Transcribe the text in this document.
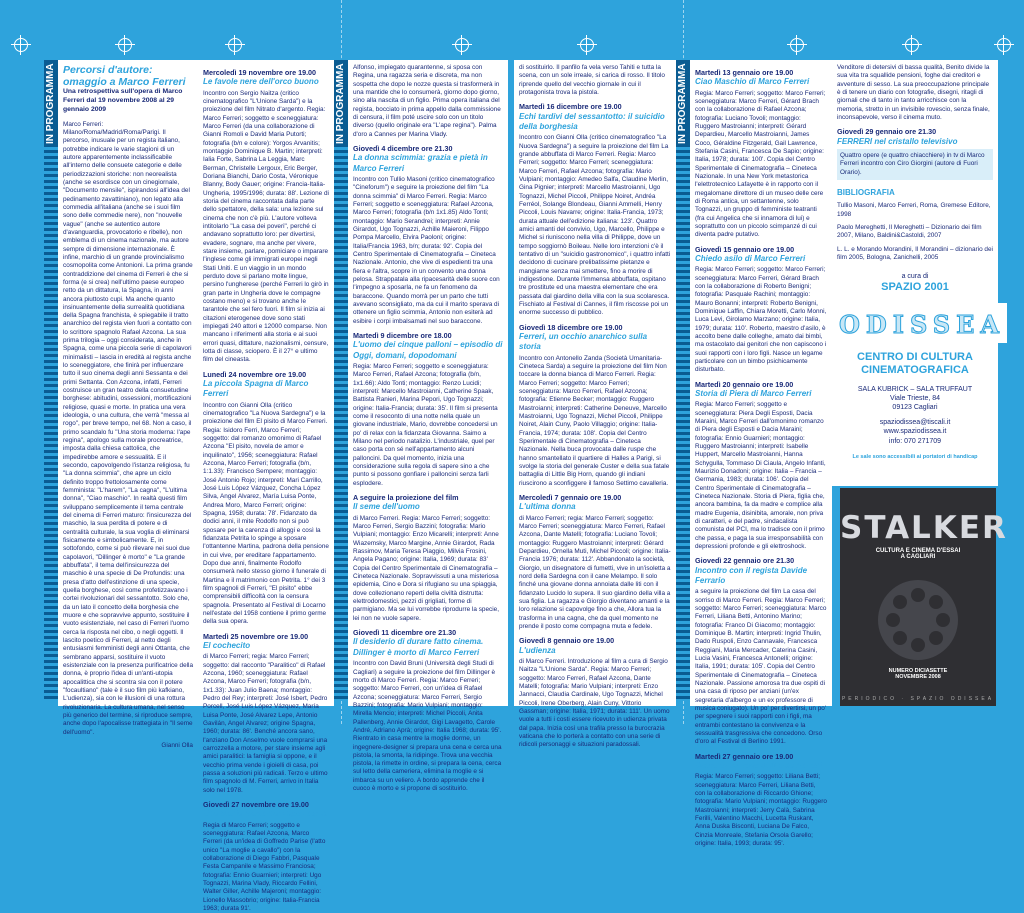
IN PROGRAMMA	IN PROGRAMMA	IN PROGRAMMA
Percorsi d'autore: omaggio a Marco Ferreri
Una retrospettiva sull'opera di Marco Ferreri dal 19 novembre 2008 al 29 gennaio 2009

Marco Ferreri: Milano/Roma/Madrid/Roma/Parigi. Il percorso, inusuale per un regista italiano, potrebbe indicare le varie stagioni di un autore apparentemente inclassificabile all'interno delle consuete categorie e delle periodizzazioni storiche: non neorealista (anche se esordisce con un cinegiornale, "Documento mensile", ispirandosi all'idea del pedinamento zavattiniano), non legato alla commedia all'italiana (anche se i suoi film sono delle commedie nere), non "nouvelle vague" (anche se autentico autore d'avanguardia, provocatorio e ribelle), non emblema di un cinema nazionale, ma autore sempre di dimensione internazionale. È infine, marchio di un grande provincialismo cosmopolita come Antonioni. La prima grande contraddizione del cinema di Ferreri è che si forma (e si crea) nell'ultimo paese europeo retto da un dittatura, la Spagna, in anni ancora piuttosto cupi. Ma anche quanto insinuantemente della surrealità quotidiana della Spagna franchista, è spiegabile il tratto anarchico del regista vien fuori a contatto con lo scrittore spagnolo Rafael Azcona. La sua prima trilogia – oggi considerata, anche in Spagna, come una piccola serie di capolavori minimalisti – lascia in eredità al regista anche lo sceneggiatore, che finirà per influenzare tutto il suo cinema degli anni Sessanta e dei primi Settanta. Con Azcona, infatti, Ferreri costruisce un gran teatro della consuetudine borghese: abitudini, ossessioni, mortificazioni religiose, quasi e morte. In pratica una vera ideologia, o una cultura, che verrà "messa al rogo", per breve tempo, nel 68. Non a caso, il primo scandalo fu "Una storia moderna: l'ape regina", apologo sulla morale procreatrice, imposta dalla chiesa cattolica, che impedirebbe amore e sessualità. E il secondo, capovolgendo l'istanza religiosa, fu "La donna scimmia", che apre un ciclo definito troppo frettolosamente come femminista: "L'harem", "La cagna", "L'ultima donna", "Ciao maschio". In realtà questi film sviluppano semplicemente il tema centrale del cinema di Ferreri maturo: l'insicurezza del maschio, la sua perdita di potere e di centralità culturale, la sua voglia di eliminarsi fisicamente e simbolicamente. E, in sottofondo, come si può rilevare nei suoi due capolavori, "Dillinger è morto" e "La grande abbuffata", il tema dell'insicurezza del maschio è una specie di De Profundis: una presa d'atto dell'estinzione di una specie, quella borghese, così come profetizzavano i cortei rivoluzionari del sessantotto. Solo che, da un lato il concetto della borghesia che muore e che sopravvive appunto, sostituire il vuoto esistenziale, nel caso di Ferreri l'uomo cerca la risposta nel cibo, o negli oggetti. Il lascito poetico di Ferreri, al netto degli entusiasmi femministi degli anni Ottanta, che sembrano apparsi, sostituire il vuoto esistenziale con la presenza purificatrice della donna, è proprio l'idea di un'anti-utopia apocalittica che si scontra sia con il potere "focaultiano" (tale è il suo film più kafkiano, L'udienza), sia con le illusioni di una rottura rivoluzionaria. La cultura umana, nel senso più generico del termine, si riproduce sempre, anche dopo l'apocalisse trattegiata in "Il seme dell'uomo".

Gianni Olla
Mercoledì 19 novembre ore 19.00
Le favole nere dell'orco buono

Incontro con Sergio Naitza (critico cinematografico "L'Unione Sarda") e la proiezione del film Nitrato d'argento. Regia: Marco Ferreri; soggetto e sceneggiatura: Marco Ferreri (da una collaborazione di Gianni Romoli e David Maria Putorti; fotografia (b/n e colore): Yorgos Arvanitis; montaggio Dominique B. Martin; interpreti: Ialia Forte, Sabrina La Leggia, Marc Berman, Christelle Lergoux, Eric Berger, Doriana Bianchi, Dario Costa, Véronique Blanny, Body Gauer; origine: Francia-Italia-Ungheria, 1995/1996; durata: 88'. Lezione di storia del cinema raccontata dalla parte dello spettatore, della sala: una lezione sul cinema che non c'è più. L'autore volteva intitolarlo "La casa dei poveri", perché ci andavano soprattutto loro: per divertirsi, evadere, sognare, ma anche per vivere, stare insieme, parlare, pomiciare o imparare l'inglese come gli immigrati europei negli Stati Uniti. E un viaggio in un mondo perduto dove si parlano molte lingue, persino l'ungherese (perché Ferreri lo girò in gran parte in Ungheria dove le compagne costano meno) e si trovano anche le tarantole che sel fero fuori. Il film si inizia ai citazioni eterogenee dove sono stati impiegati 240 attori e 12000 comparse. Non mancano i riferimenti alla storia e ai suoi errori quasi, dittature, nazionalismi, censure, lotta di classe, sciopero. È il 27° e ultimo film del cineasta.

Lunedì 24 novembre ore 19.00
La piccola Spagna di Marco Ferreri

Incontro con Gianni Olla (critico cinematografico "La Nuova Sardegna") e la proiezione del film El pisito di Marco Ferreri. Regia: Isidoro Ferri, Marco Ferreri; soggetto: dal romanzo omonimo di Rafael Azcona "El pisito, novela de amor e inquilinato", 1956; sceneggiatura: Rafael Azcona, Marco Ferreri; fotografia (b/n, 1:1.33): Francisco Sempere; montaggio: José Antonio Rojo; interpreti: Mari Carrillo, José Luis López Vázquez, Concha López Silva, Angel Alvarez, María Luisa Ponte, Andrea Moro, Marco Ferreri; origine: Spagna, 1958; durata: 78'. Fidanzato da dodici anni, il mite Rodolfo non si può sposare per la carenza di alloggi e così la fidanzata Petrita lo spinge a sposare l'ottantenne Martina, padrona della pensione in cui vive, per ereditare l'appartamento. Dopo due anni, finalmente Rodolfo consumerà nello stesso giorno il funerale di Martina e il matrimonio con Petrita. 1° dei 3 film spagnoli di Ferreri, "El pisito" ebbe comprensibili difficoltà con la censura spagnola. Presentato al Festival di Locarno nell'estate del 1958 contiene il primo germe della sua opera.

Martedì 25 novembre ore 19.00
El cochecito

di Marco Ferreri; regia: Marco Ferreri; soggetto: dal racconto "Paralitico" di Rafael Azcona, 1960; sceneggiatura: Rafael Azcona, Marco Ferreri; fotografia (b/n, 1x1.33): Juan Julio Baena; montaggio: Pedro del Rey; interpreti: José Isbert, Pedro Porcell, José Luis López Vázquez, María Luisa Ponte, José Alvarez Lepe, Antonio Gavilán, Angel Alvarez; origine Spagna, 1960; durata: 86'. Benché ancora sano, l'anziano Don Anselmo vuole comprarsi una carrozzella a motore, per stare insieme agli amici paralitici: la famiglia si oppone, e il vecchio prima vende i gioielli di casa, poi passa a soluzioni più radicali. Terzo e ultimo film spagnolo di M. Ferreri, arrivo in Italia solo nel 1978.

Giovedì 27 novembre ore 19.00
Una storia moderna: l'ape regina

Regia di Marco Ferreri; soggetto e sceneggiatura: Rafael Azcona, Marco Ferreri (da un'idea di Goffredo Parise (l'atto unico "La moglie a cavallo") con la collaborazione di Diego Fabbri, Pasquale Festa Campanile e Massimo Franciosa; fotografia: Ennio Guarnieri; interpreti: Ugo Tognazzi, Marina Vlady, Riccardo Fellini, Walter Giller, Achille Majeroni; montaggio: Lionello Massobrio; origine: Italia-Francia 1963; durata 91'.

Alfonso, impiegato quarantenne, si sposa con Regina, una ragazza seria e discreta, ma non sospetta che dopo le nozze questa si trasformerà in una mantide che lo consumerà, giorno dopo giorno, sino alla nascita di un figlio. Prima opera italiana del regista, bocciato in prima appello dalla commissione di censura, il film poté uscire solo con un titolo diverso (quello originale era "L'ape regina"). Palma d'oro a Cannes per Marina Vlady.

Giovedì 4 dicembre ore 21.30
La donna scimmia: grazia e pietà in Marco Ferreri

Incontro con Tullio Masoni (critico cinematografico "Cineforum") e seguire la proiezione del film "La donna scimmia" di Marco Ferreri. Regia: Marco Ferreri; soggetto e sceneggiatura: Rafael Azcona, Marco Ferreri; fotografia (b/n 1x1.85) Aldo Tonti; montaggio: Mario Serandrei; interpreti: Annie Girardot, Ugo Tognazzi, Achille Maieroni, Filippo Pompa Marcello, Elvira Paoloni; origine: Italia/Francia 1963, b/n; durata: 92'. Copia del Centro Sperimentale di Cinematografia – Cineteca Nazionale. Antonio, che vive di espedienti tra una fiera e l'altra, scopre in un convento una donna pelosa. Strappatala alla ripacesarità delle suore con l'impegno a sposarla, ne fa un fenomeno da baraccone. Quando morrà per un parto che tutti avevano sconsigliato, ma da cui il marito sperava di ottenere un figlio scimmia, Antonio non esiterà ad esibire i corpi imbalsamati nel suo baraccone.

Martedì 9 dicembre ore 18.00
L'uomo dei cinque palloni – episodio di Oggi, domani, dopodomani

Regia: Marco Ferreri; soggetto e sceneggiatura: Marco Ferreri, Rafael Azcona; fotografia (b/n, 1x1.66): Aldo Tonti; montaggio: Renzo Lucidi; interpreti: Marcello Mastroianni, Catherine Spaak, Battista Ranieri, Marina Pepori, Ugo Tognazzi; origine: Italia-Francia; durata: 35'. Il film si presenta come il resoconto di una notte nella quale un giovane industriale, Mario, dovrebbe concedersi un po' di relax con la fidanzata Giovanna. Saimo a Milano nel periodo natalizio. L'industriale, quel per caso porta con sé nell'appartamento alcuni palloncini. Da quel momento, inizia una considerazione sulla regola di sapere sino a che punto si possono gonfiare i palloncini senza farli esplodere.

A seguire la proiezione del film
Il seme dell'uomo

di Marco Ferreri. Regia: Marco Ferreri; soggetto: Marco Ferreri, Sergio Bazzini; fotografia: Mario Vulpiani; montaggio: Enzo Micarelli; interpreti: Anne Wiazemsky, Marco Margine, Annie Girardot, Rada Rassimov, Maria Teresa Piaggio, Milvia Frosini, Angela Pagano; origine: Italia, 1969; durata: 83' Copia del Centro Sperimentale di Cinematografia – Cineteca Nazionale. Sopravvissuti a una misteriosa epidemia, Cino e Dora si rifugiano su una spiaggia, dove collezionano reperti della civiltà distrutta: elettrodomestici, pezzi di grigliati, forme di parmigiano. Ma se lui vorrebbe riprodurre la specie, lei non ne vuole sapere.

Giovedì 11 dicembre ore 21.30
Il desiderio di durare fatto cinema. Dillinger è morto di Marco Ferreri

Incontro con David Bruni (Università degli Studi di Cagliari) a seguire la proiezione del film Dillinger è morto di Marco Ferreri. Regia: Marco Ferreri; soggetto: Marco Ferreri, con un'idea di Rafael Azcona; sceneggiatura: Marco Ferreri, Sergio Bazzini; fotografia: Mario Vulpiani; montaggio: Mirella Mencio; interpreti: Michel Piccoli, Anita Pallenberg, Annie Girardot, Gigi Lavagetto, Carole André, Adriano Aprà; origine: Italia 1968; durata: 95'. Rientrato in casa mentre la moglie dorme, un ingegnere-designer si prepara una cena e cerca una pistola, la smonta, la ridipinge. Trova una vecchia pistola, la rimette in ordine, si prepara la cena, cerca sul letto della cameriera, elimina la moglie e si imbarca su un veliero. A bordo apprende che il cuoco è morto e si propone di sostituirlo.

di sostituirlo. Il panfilo fa vela verso Tahiti e tutta la scena, con un sole irreale, si carica di rosso. Il titolo riprende quello del vecchio giornale in cui il protagonista trova la pistola.

Martedì 16 dicembre ore 19.00
Echi tardivi del sessantotto: il suicidio della borghesia

Incontro con Gianni Olla (critico cinematografico "La Nuova Sardegna") a seguire la proiezione del film La grande abbuffata di Marco Ferreri. Regia: Marco Ferreri; soggetto: Marco Ferreri; sceneggiatura: Marco Ferreri, Rafael Azcona; fotografia: Mario Vulpiani; montaggio: Amedeo Salfa, Claudine Merlin, Gina Pignier; interpreti: Marcello Mastroianni, Ugo Tognazzi, Michel Piccoli, Philippe Noiret, Andréa Ferréol, Solange Blondeau, Gianni Ammelli, Henry Piccoli, Louis Navarre; origine: Italia-Francia, 1973; durata attuale dell'edizione italiana: 123'. Quattro amici amanti del convivio, Ugo, Marcello, Philippe e Michel si riuniscono nella villa di Philippe, dove un tempo soggiornò Boileau. Nelle loro intenzioni c'è il tentativo di un "suicidio gastronomico", i quattro infatti decidono di cucinare prelibatissime pietanze e mangiarne senza mai smettere, fino a morire di indigestione. Durante l'immensa abbuffata, ospitano tre prostitute ed una maestra elementare che era passata dal giardino della villa con la sua scolaresca. Fischiato al Festival di Cannes, il film riscosse poi un enorme successo di pubblico.

Giovedì 18 dicembre ore 19.00
Ferreri, un occhio anarchico sulla storia

Incontro con Antonello Zanda (Società Umanitaria-Cineteca Sarda) a seguire la proiezione del film Non toccare la donna bianca di Marco Ferreri. Regia: Marco Ferreri; soggetto: Marco Ferreri; sceneggiatura: Marco Ferreri, Rafael Azcona; fotografia: Etienne Becker; montaggio: Ruggero Mastroianni; interpreti: Catherine Deneuve, Marcello Mastroianni, Ugo Tognazzi, Michel Piccoli, Philippe Noiret, Alain Cuny, Paolo Villaggio; origine: Italia-Francia, 1974; durata: 108'. Copia del Centro Sperimentale di Cinematografia – Cineteca Nazionale. Nella buca provocata dalle ruspe che hanno smantellato il quartiere di Halles a Parigi, si svolge la storia del generale Custer e della sua fatale battaglia di Little Big Horn, quando gli indiani riuscirono a sconfiggere il famoso Settimo cavalleria.

Mercoledì 7 gennaio ore 19.00
L'ultima donna

di Marco Ferreri; regia: Marco Ferreri; soggetto: Marco Ferreri; sceneggiatura: Marco Ferreri, Rafael Azcona, Dante Matelli; fotografia: Luciano Tovoli; montaggio: Ruggero Mastroianni; interpreti: Gérard Depardieu, Ornella Muti, Michel Piccoli; origine: Italia-Francia 1976; durata: 112'. Abbandonato la società, Giorgio, un disegnatore di fumetti, vive in un'isoletta a nord della Sardegna con il cane Melampo. Il solo finché una giovane donna annoiata dalle liti con il fidanzato Lucido lo supera. Il suo giardino della villa a sua figlia. La ragazza e Giorgio diventano amanti e la loro relazione si capovolge fino a che, Allora tua la trasforma in una cagna, che da quel momento ne prende il posto come compagna muta e fedele.

Giovedì 8 gennaio ore 19.00
L'udienza

di Marco Ferreri. Introduzione al film a cura di Sergio Naitza "L'Unione Sarda". Regia: Marco Ferreri; soggetto: Marco Ferreri, Rafael Azcona, Dante Matelli; fotografia: Mario Vulpiani; interpreti: Enzo Jannacci, Claudia Cardinale, Ugo Tognazzi, Michel Piccoli, Irene Oberberg, Alain Cuny, Vittorio Gassman; origine: Italia, 1971; durata: 111'. Un uomo vuole a tutti i costi essere ricevuto in udienza privata dal papa. Inizia così una trafila presso la burocrazia vaticana che lo porterà a contatto con una serie di ridicoli personaggi e situazioni paradossali.

Martedì 13 gennaio ore 19.00
Ciao Maschio di Marco Ferreri

Regia: Marco Ferreri; soggetto: Marco Ferreri; sceneggiatura: Marco Ferreri, Gérard Brach con la collaborazione di Rafael Azcona; fotografia: Luciano Tovoli; montaggio: Ruggero Mastroianni; interpreti: Gérard Depardieu, Marcello Mastroianni, James Coco, Géraldine Fitzgerald, Gail Lawrence, Stefania Casini, Francesca De Sapio; origine: Italia, 1978; durata: 100'. Copia del Centro Sperimentale di Cinematografia – Cineteca Nazionale. In una New York metastorica l'elettrotecnico Lafayette è in rapporto con il megalomane direttore di un museo delle cere di Roma antica, un settantenne, solo Tognazzi, un gruppo di femministe teatranti (fra cui Angelica che si innamora di lui) e soprattutto con un piccolo scimpanzé di cui diventa padre putativo.

Giovedì 15 gennaio ore 19.00
Chiedo asilo di Marco Ferreri

Regia: Marco Ferreri; soggetto: Marco Ferreri; sceneggiatura: Marco Ferreri, Gérard Brach con la collaborazione di Roberto Benigni; fotografia: Pasquale Rachini; montaggio: Mauro Bonanni; interpreti: Roberto Benigni, Dominique Laffin, Chiara Moretti, Carlo Monni, Luca Levi, Girolamo Marzano; origine: Italia, 1979; durata: 110'. Roberto, maestro d'asilo, è accolto bene dalle colleghe, amato dai bimbi, ma ostacolato dai genitori che non capiscono i suoi rapporti con i loro figli. Nasce un legame particolare con un bimbo psichicamente disturbato.

Martedì 20 gennaio ore 19.00
Storia di Piera di Marco Ferreri

Regia: Marco Ferreri; soggetto e sceneggiatura: Piera Degli Esposti, Dacia Maraini, Marco Ferreri dall'omonimo romanzo di Piera degli Esposti e Dacia Maraini; fotografia: Ennio Guarnieri; montaggio: Ruggero Mastroianni; interpreti: Isabelle Huppert, Marcello Mastroianni, Hanna Schygulla, Tommaso Di Ciaula, Angelo Infanti, Maurizio Donadoni; origine: Italia – Francia – Germania, 1983; durata: 106'. Copia del Centro Sperimentale di Cinematografia – Cineteca Nazionale. Storia di Piera, figlia che, ancora bambina, fa da madre e complice alla madre Eugenia, disinibita, amorale, non priva di caratteri, e del padre, sindacalista comunista del PCI, ma lo tradisce con il primo che passa, e paga la sua irresponsabilità con depressioni profonde e gli elettroshock.

Giovedì 22 gennaio ore 21.30
Incontro con il regista Davide Ferrario

a seguire la proiezione del film La casa del sorriso di Marco Ferreri. Regia: Marco Ferreri; soggetto: Marco Ferreri; sceneggiatura: Marco Ferreri, Liliana Betti, Antonino Marino; fotografia: Franco Di Giacomo; montaggio: Dominique B. Martin; interpreti: Ingrid Thulin, Dado Ruspoli, Enzo Cannavale, Francesca Reggiani, Maria Mercader, Caterina Casini, Lucia Vasini, Francesca Antonelli; origine: Italia, 1991; durata: 105'. Copia del Centro Sperimentale di Cinematografia – Cineteca Nazionale. Passione amorosa tra due ospiti di una casa di riposo per anziani (un'ex segretaria d'albergo e un ex professore di musica coniugato). Un po' per divertirsi, un po' per spegnere i suoi rapporti con i figli, ma entrambi contestano la convivenza e la sessualità trasgressiva che concedono. Orso d'oro al Festival di Berlino 1991.

Martedì 27 gennaio ore 19.00
Diario di un vizio di Marco Ferreri

Regia: Marco Ferreri; soggetto: Liliana Betti; sceneggiatura: Marco Ferreri, Liliana Betti, con la collaborazione di Riccardo Ghione; fotografia: Mario Vulpiani; montaggio: Ruggero Mastroianni; interpreti: Jerry Calà, Sabrina Ferilli, Valentino Macchi, Lucetta Ruskant, Anna Duska Bisconti, Luciana De Falco, Cinzia Monreale, Stefania Orsola Garello; origine: Italia, 1993; durata: 95'.

Venditore di detersivi di bassa qualità, Benito divide la sua vita tra squallide pensioni, foghe dai creditori e avventure di sesso. La sua preoccupazione principale è di tenere un diario con fotografie, disegni, ritagli di giornali che di tanto in tanto arricchisce con la memoria, stretto in un invisibile rovescio, senza finale, inconsapevole, verso il cinema muto.

Giovedì 29 gennaio ore 21.30
FERRERI nel cristallo televisivo

Quattro opere (e quattro chiacchiere) in tv di Marco Ferreri incontro con Ciro Giorgini (autore di Fuori Orario).

BIBLIOGRAFIA

Tullio Masoni, Marco Ferreri, Roma, Gremese Editore, 1998

Paolo Mereghetti, Il Mereghetti – Dizionario dei film 2007, Milano, Baldini&Castoldi, 2007

L. L. e Morando Morandini, Il Morandini – dizionario dei film 2005, Bologna, Zanichelli, 2005

a cura di
SPAZIO 2001
ODISSEA
CENTRO DI CULTURA CINEMATOGRAFICA
SALA KUBRICK – SALA TRUFFAUT
Viale Trieste, 84
09123 Cagliari
spaziodissea@tiscali.it
www.spaziodissea.it
info: 070 271709
Le sale sono accessibili ai portatori di handicap
STALKER
CULTURA E CINEMA D'ESSAI
A CAGLIARI
NUMERO DICIASETTE
NOVEMBRE 2008
PERIODICO · SPAZIO ODISSEA
